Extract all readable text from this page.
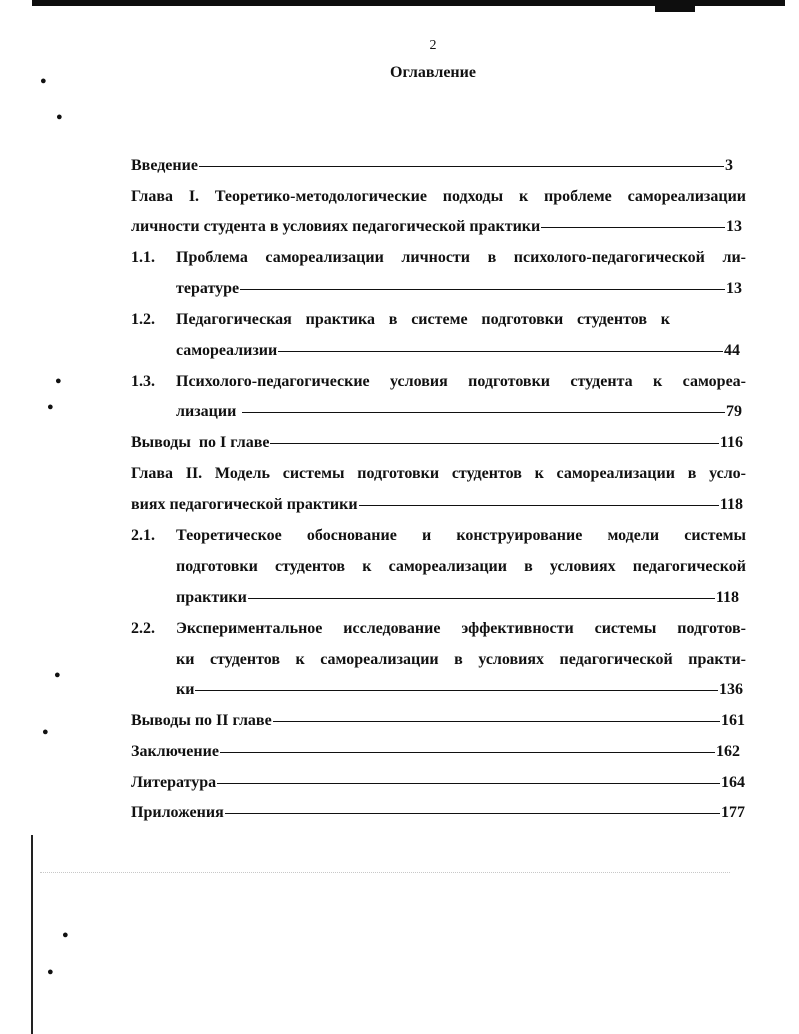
●
●
●
●
●
●
●
●
2
Оглавление
Введение	3
Глава I. Теоретико-методологические подходы к проблеме самореализации
личности студента в условиях педагогической практики	13
1.1. Проблема самореализации личности в психолого-педагогической ли-
тературе	13
1.2. Педагогическая практика в системе подготовки студентов к
самореализии	44
1.3. Психолого-педагогические условия подготовки студента к самореа-
лизации	79
Выводы  по I главе	116
Глава II. Модель системы подготовки студентов к самореализации в усло-
виях педагогической практики	118
2.1. Теоретическое обоснование и конструирование модели системы
подготовки студентов к самореализации в условиях педагогической
практики	118
2.2. Экспериментальное исследование эффективности системы подготов-
ки студентов к самореализации в условиях педагогической практи-
ки	136
Выводы по II главе	161
Заключение	162
Литература	164
Приложения	177
